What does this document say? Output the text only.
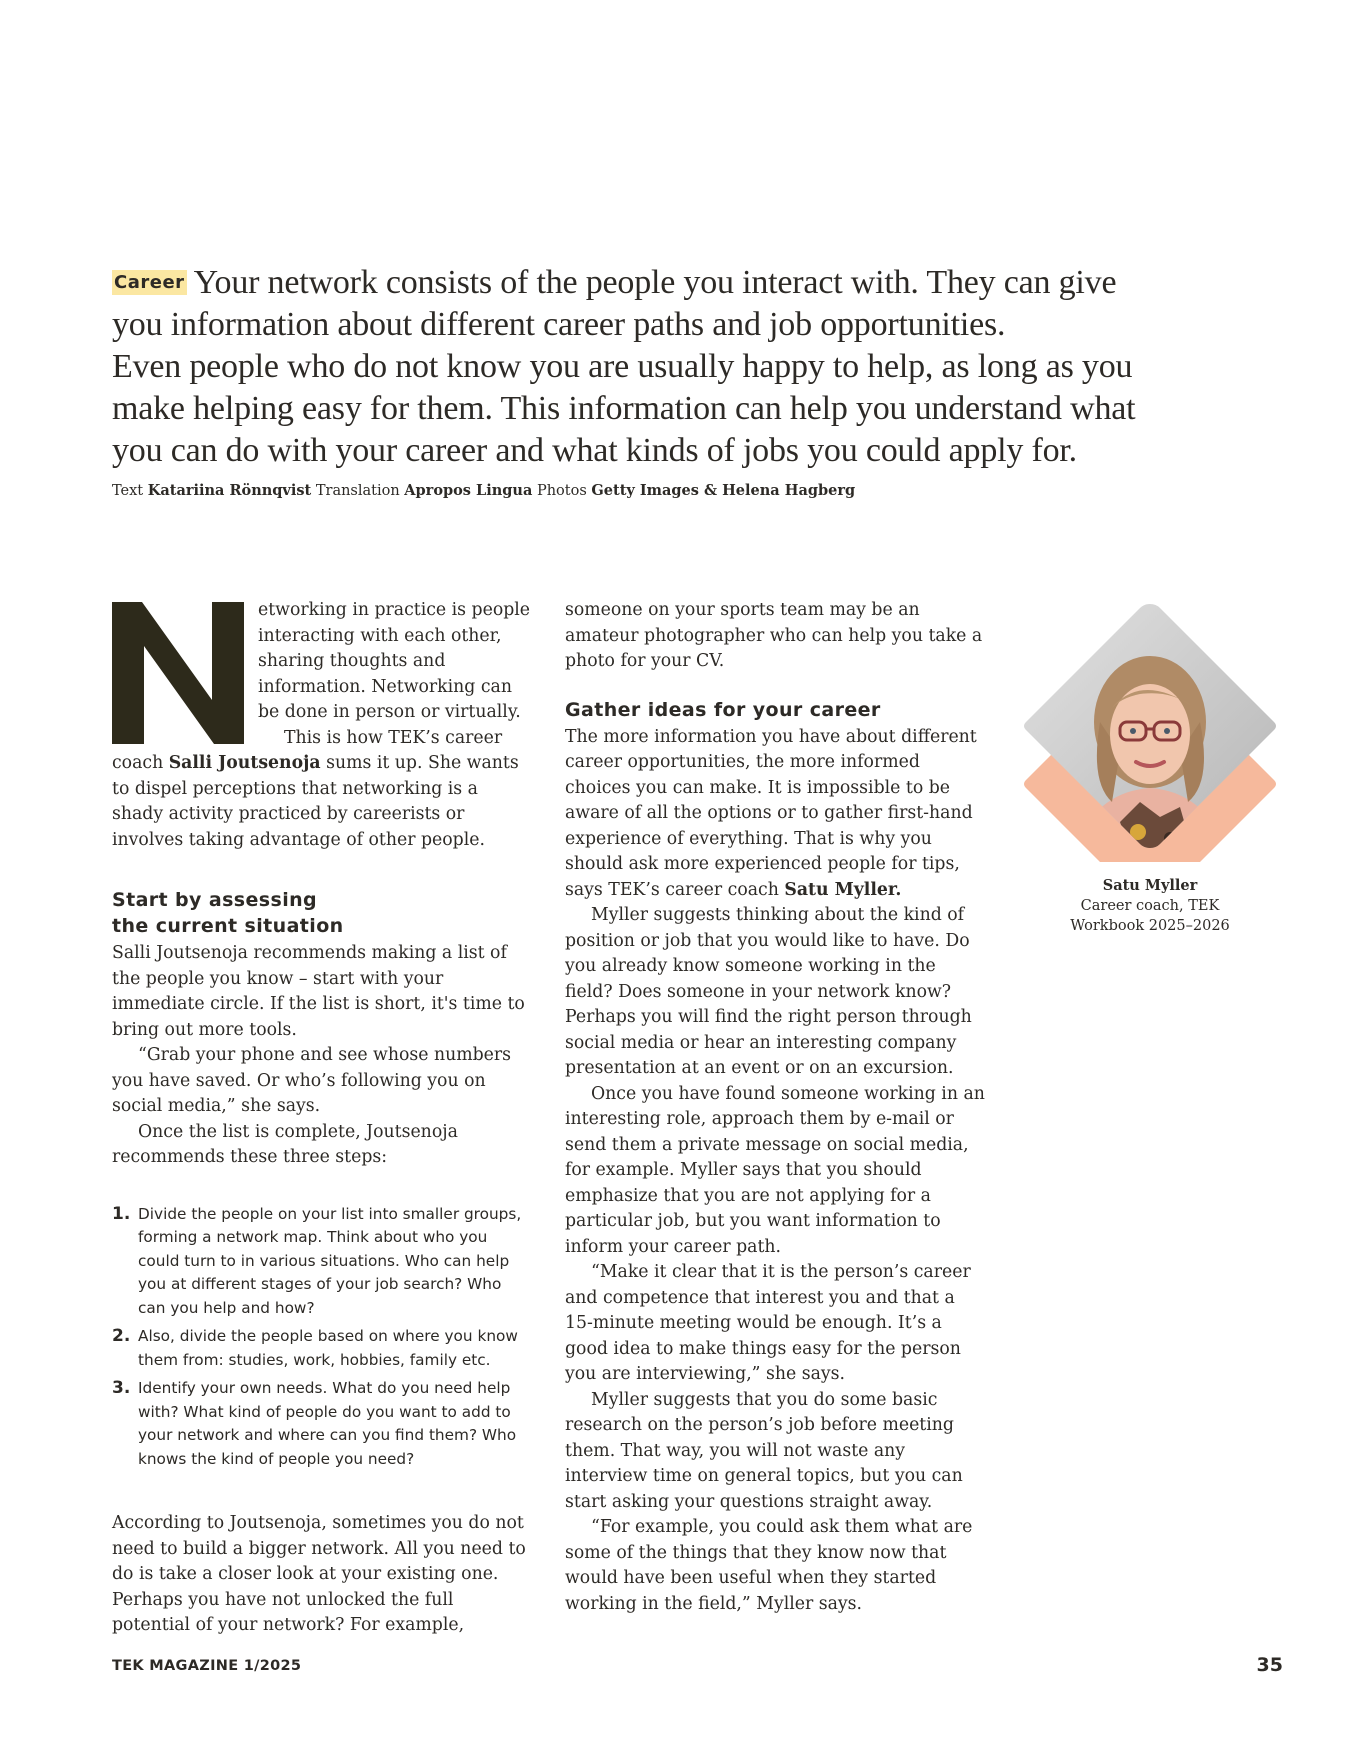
Career Your network consists of the people you interact with. They can give
you information about different career paths and job opportunities.
Even people who do not know you are usually happy to help, as long as you
make helping easy for them. This information can help you understand what
you can do with your career and what kinds of jobs you could apply for.
Text Katariina Rönnqvist Translation Apropos Lingua Photos Getty Images & Helena Hagberg

etworking in practice is people interacting with each other, sharing thoughts and information. Networking can be done in person or virtually.

This is how TEK’s career coach Salli Joutsenoja sums it up. She wants to dispel perceptions that networking is a shady activity practiced by careerists or involves taking advantage of other people.

Start by assessing
the current situation

Salli Joutsenoja recommends making a list of the people you know – start with your immediate circle. If the list is short, it's time to bring out more tools.

“Grab your phone and see whose numbers you have saved. Or who’s following you on social media,” she says.

Once the list is complete, Joutsenoja recommends these three steps:

1. Divide the people on your list into smaller groups, forming a network map. Think about who you could turn to in various situations. Who can help you at different stages of your job search? Who can you help and how?
2. Also, divide the people based on where you know them from: studies, work, hobbies, family etc.
3. Identify your own needs. What do you need help with? What kind of people do you want to add to your network and where can you find them? Who knows the kind of people you need?

According to Joutsenoja, sometimes you do not need to build a bigger network. All you need to do is take a closer look at your existing one. Perhaps you have not unlocked the full potential of your network? For example,

someone on your sports team may be an amateur photographer who can help you take a photo for your CV.

Gather ideas for your career

The more information you have about different career opportunities, the more informed choices you can make. It is impossible to be aware of all the options or to gather first-hand experience of everything. That is why you should ask more experienced people for tips, says TEK’s career coach Satu Myller.

Myller suggests thinking about the kind of position or job that you would like to have. Do you already know someone working in the field? Does someone in your network know? Perhaps you will find the right person through social media or hear an interesting company presentation at an event or on an excursion.

Once you have found someone working in an interesting role, approach them by e-mail or send them a private message on social media, for example. Myller says that you should emphasize that you are not applying for a particular job, but you want information to inform your career path.

“Make it clear that it is the person’s career and competence that interest you and that a 15-minute meeting would be enough. It’s a good idea to make things easy for the person you are interviewing,” she says.

Myller suggests that you do some basic research on the person’s job before meeting them. That way, you will not waste any interview time on general topics, but you can start asking your questions straight away.

“For example, you could ask them what are some of the things that they know now that would have been useful when they started working in the field,” Myller says.

Satu Myller
Career coach, TEK
Workbook 2025–2026
TEK MAGAZINE 1/2025	35
